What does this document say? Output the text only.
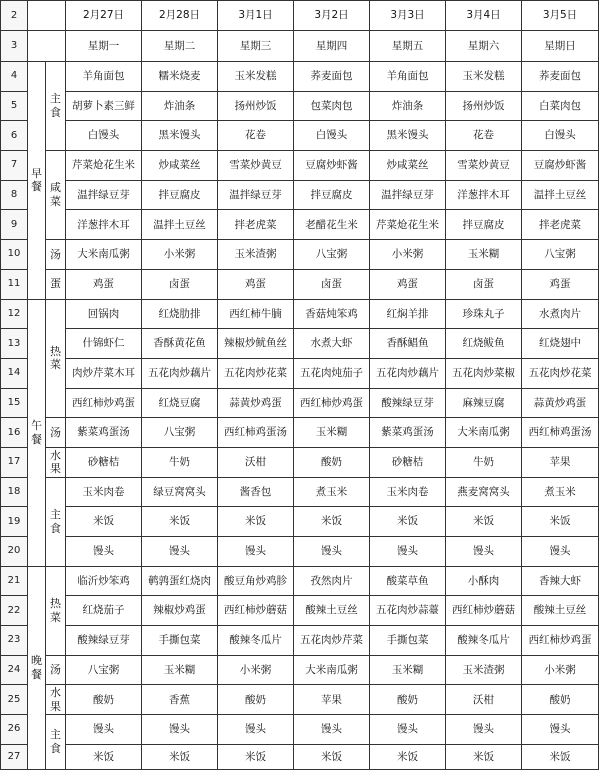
2			2月27日	2月28日	3月1日	3月2日	3月3日	3月4日	3月5日
3			星期一	星期二	星期三	星期四	星期五	星期六	星期日
4	早餐	主食	羊角面包	糯米烧麦	玉米发糕	荞麦面包	羊角面包	玉米发糕	荞麦面包
5			胡萝卜素三鲜	炸油条	扬州炒饭	包菜肉包	炸油条	扬州炒饭	白菜肉包
6			白馒头	黑米馒头	花卷	白馒头	黑米馒头	花卷	白馒头
7		咸菜	芹菜炝花生米	炒咸菜丝	雪菜炒黄豆	豆腐炒虾酱	炒咸菜丝	雪菜炒黄豆	豆腐炒虾酱
8			温拌绿豆芽	拌豆腐皮	温拌绿豆芽	拌豆腐皮	温拌绿豆芽	洋葱拌木耳	温拌土豆丝
9			洋葱拌木耳	温拌土豆丝	拌老虎菜	老醋花生米	芹菜炝花生米	拌豆腐皮	拌老虎菜
10		汤	大米南瓜粥	小米粥	玉米渣粥	八宝粥	小米粥	玉米糊	八宝粥
11		蛋	鸡蛋	卤蛋	鸡蛋	卤蛋	鸡蛋	卤蛋	鸡蛋
12	午餐	热菜	回锅肉	红烧肋排	西红柿牛腩	香菇炖笨鸡	红焖羊排	珍珠丸子	水煮肉片
13			什锦虾仁	香酥黄花鱼	辣椒炒鱿鱼丝	水煮大虾	香酥鲳鱼	红烧鲅鱼	红烧翅中
14			肉炒芹菜木耳	五花肉炒藕片	五花肉炒花菜	五花肉炖茄子	五花肉炒藕片	五花肉炒菜椒	五花肉炒花菜
15			西红柿炒鸡蛋	红烧豆腐	蒜黄炒鸡蛋	西红柿炒鸡蛋	酸辣绿豆芽	麻辣豆腐	蒜黄炒鸡蛋
16		汤	紫菜鸡蛋汤	八宝粥	西红柿鸡蛋汤	玉米糊	紫菜鸡蛋汤	大米南瓜粥	西红柿鸡蛋汤
17		水果	砂糖桔	牛奶	沃柑	酸奶	砂糖桔	牛奶	苹果
18		主食	玉米肉卷	绿豆窝窝头	酱香包	煮玉米	玉米肉卷	燕麦窝窝头	煮玉米
19			米饭	米饭	米饭	米饭	米饭	米饭	米饭
20			馒头	馒头	馒头	馒头	馒头	馒头	馒头
21	晚餐	热菜	临沂炒笨鸡	鹌鹑蛋红烧肉	酸豆角炒鸡胗	孜然肉片	酸菜草鱼	小酥肉	香辣大虾
22			红烧茄子	辣椒炒鸡蛋	西红柿炒蘑菇	酸辣土豆丝	五花肉炒蒜薹	西红柿炒蘑菇	酸辣土豆丝
23			酸辣绿豆芽	手撕包菜	酸辣冬瓜片	五花肉炒芹菜	手撕包菜	酸辣冬瓜片	西红柿炒鸡蛋
24		汤	八宝粥	玉米糊	小米粥	大米南瓜粥	玉米糊	玉米渣粥	小米粥
25		水果	酸奶	香蕉	酸奶	苹果	酸奶	沃柑	酸奶
26		主食	馒头	馒头	馒头	馒头	馒头	馒头	馒头
27			米饭	米饭	米饭	米饭	米饭	米饭	米饭
